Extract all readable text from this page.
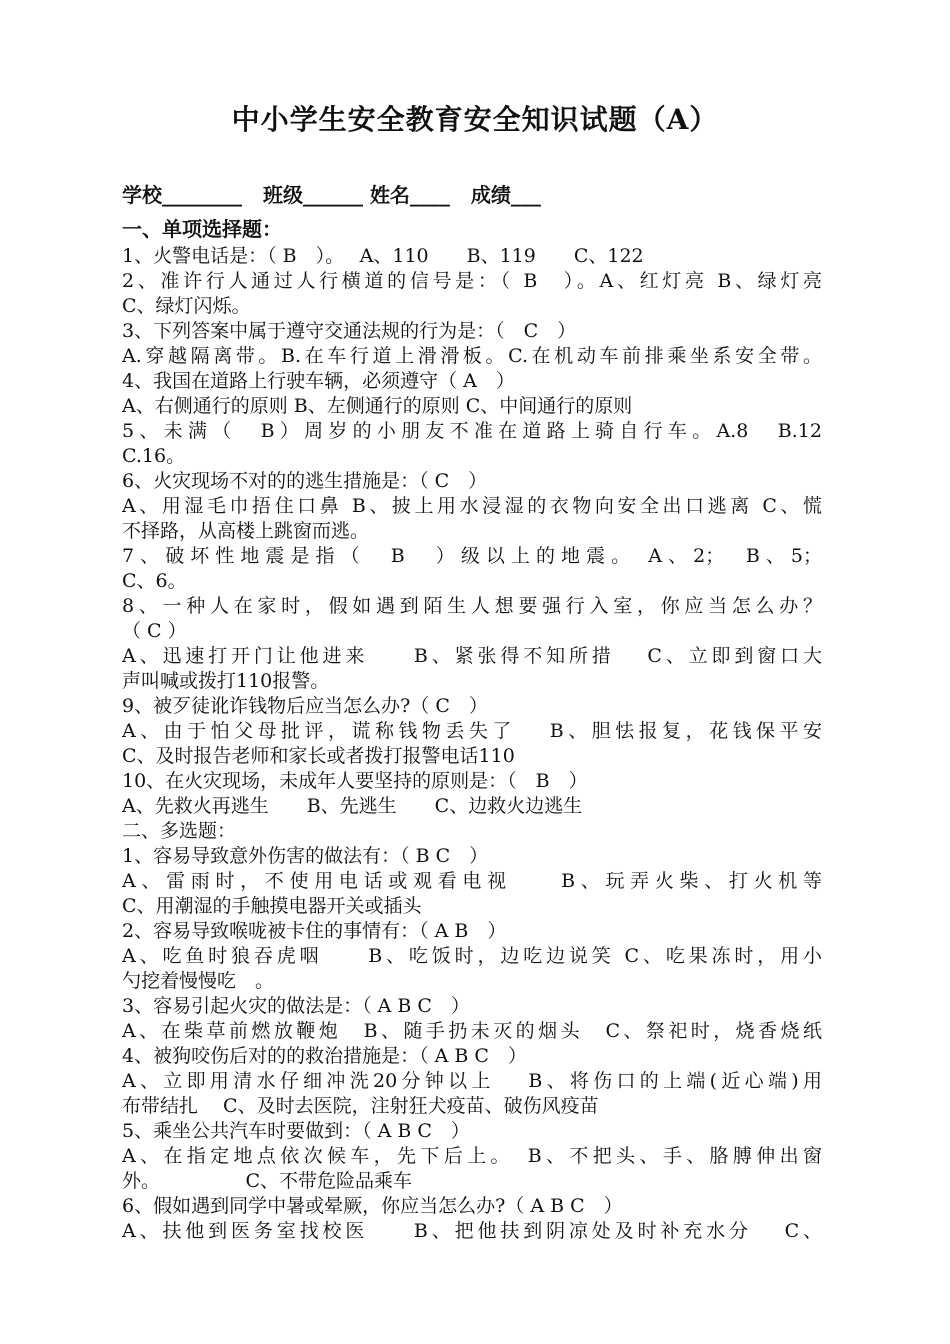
中小学生安全教育安全知识试题（A）
学校________ 班级______ 姓名____ 成绩___
一、单项选择题：
1、火警电话是：（ B　）。　 A、110　　B、119　　C、122
2、准许行人通过人行横道的信号是：（ B　）。A、红灯亮 B、绿灯亮
C、绿灯闪烁。
3、下列答案中属于遵守交通法规的行为是：（　C　）
A.穿越隔离带。B.在车行道上滑滑板。C.在机动车前排乘坐系安全带。
4、我国在道路上行驶车辆，必须遵守（ A　）
A、右侧通行的原则 B、左侧通行的原则 C、中间通行的原则
5、未满（　B）周岁的小朋友不准在道路上骑自行车。A.8　B.12
C.16。
6、火灾现场不对的的逃生措施是：（ C　）
A、用湿毛巾捂住口鼻 B、披上用水浸湿的衣物向安全出口逃离 C、慌
不择路，从高楼上跳窗而逃。
7、破坏性地震是指（　B　）级以上的地震。 A、2；　B、5；
C、6。
8、一种人在家时，假如遇到陌生人想要强行入室，你应当怎么办？
（ C ）
A、迅速打开门让他进来　　B、紧张得不知所措　 C、立即到窗口大
声叫喊或拨打110报警。
9、被歹徒讹诈钱物后应当怎么办?（ C　）
A、由于怕父母批评，谎称钱物丢失了　 B、胆怯报复，花钱保平安
C、及时报告老师和家长或者拨打报警电话110
10、在火灾现场，未成年人要坚持的原则是：（　B　）
A、先救火再逃生　　B、先逃生　　C、边救火边逃生
二、多选题：
1、容易导致意外伤害的做法有：（ B C　）
A、雷雨时，不使用电话或观看电视　　B、玩弄火柴、打火机等
C、用潮湿的手触摸电器开关或插头
2、容易导致喉咙被卡住的事情有：（ A B　）
A、吃鱼时狼吞虎咽　　B、吃饭时，边吃边说笑 C、吃果冻时，用小
勺挖着慢慢吃　。
3、容易引起火灾的做法是：（ A B C　）
A、在柴草前燃放鞭炮　B、随手扔未灭的烟头　C、祭祀时，烧香烧纸
4、被狗咬伤后对的的救治措施是：（ A B C　）
A、立即用清水仔细冲洗20分钟以上　 B、将伤口的上端(近心端)用
布带结扎　 C、及时去医院，注射狂犬疫苗、破伤风疫苗
5、乘坐公共汽车时要做到：（ A B C　）
A、在指定地点依次候车，先下后上。　B、不把头、手、胳膊伸出窗
外。　　　　　C、不带危险品乘车
6、假如遇到同学中暑或晕厥，你应当怎么办?（ A B C　）
A、扶他到医务室找校医　　B、把他扶到阴凉处及时补充水分　 C、
